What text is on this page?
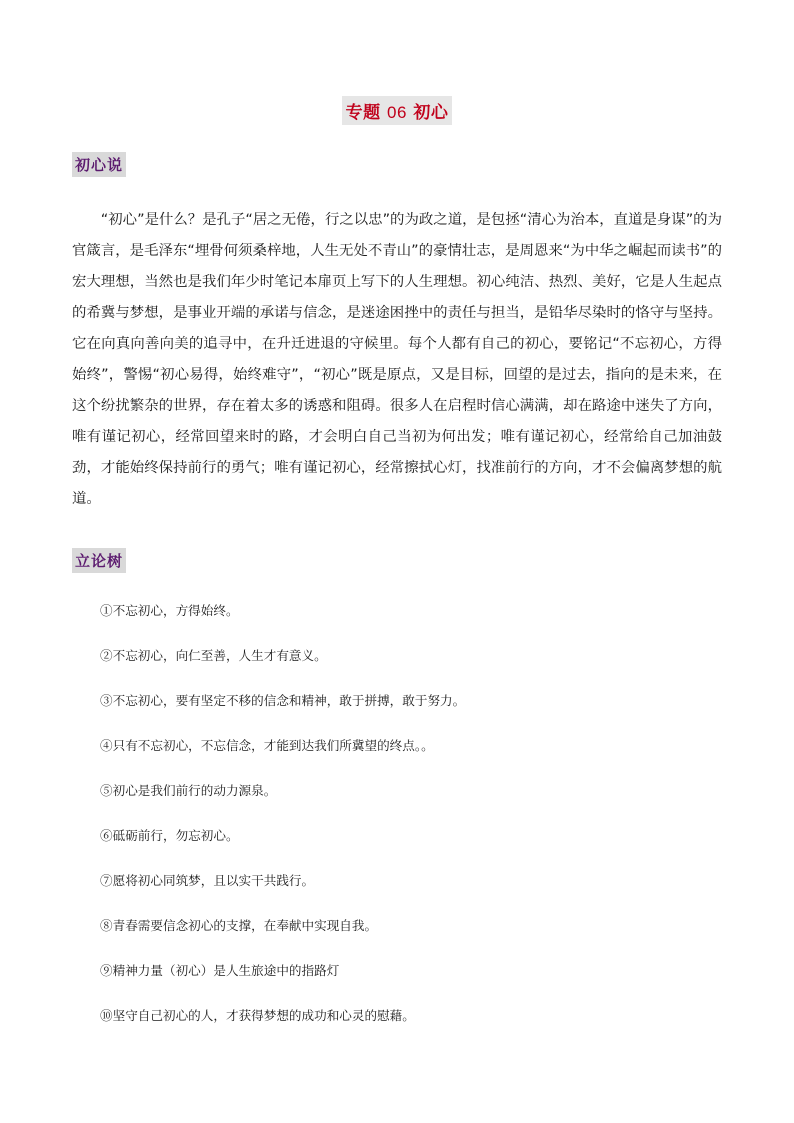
专题 06 初心
初心说

“初心”是什么？是孔子“居之无倦，行之以忠”的为政之道，是包拯“清心为治本，直道是身谋”的为官箴言，是毛泽东“埋骨何须桑梓地，人生无处不青山”的豪情壮志，是周恩来“为中华之崛起而读书”的宏大理想，当然也是我们年少时笔记本扉页上写下的人生理想。初心纯洁、热烈、美好，它是人生起点的希冀与梦想，是事业开端的承诺与信念，是迷途困挫中的责任与担当，是铅华尽染时的恪守与坚持。它在向真向善向美的追寻中，在升迁进退的守候里。每个人都有自己的初心，要铭记“不忘初心，方得始终”，警惕“初心易得，始终难守”，“初心”既是原点，又是目标，回望的是过去，指向的是未来，在这个纷扰繁杂的世界，存在着太多的诱惑和阻碍。很多人在启程时信心满满，却在路途中迷失了方向，唯有谨记初心，经常回望来时的路，才会明白自己当初为何出发；唯有谨记初心，经常给自己加油鼓劲，才能始终保持前行的勇气；唯有谨记初心，经常擦拭心灯，找准前行的方向，才不会偏离梦想的航道。

立论树
①不忘初心，方得始终。
②不忘初心，向仁至善，人生才有意义。
③不忘初心，要有坚定不移的信念和精神，敢于拼搏，敢于努力。
④只有不忘初心，不忘信念，才能到达我们所冀望的终点。。
⑤初心是我们前行的动力源泉。
⑥砥砺前行，勿忘初心。
⑦愿将初心同筑梦，且以实干共践行。
⑧青春需要信念初心的支撑，在奉献中实现自我。
⑨精神力量（初心）是人生旅途中的指路灯
⑩坚守自己初心的人，才获得梦想的成功和心灵的慰藉。
